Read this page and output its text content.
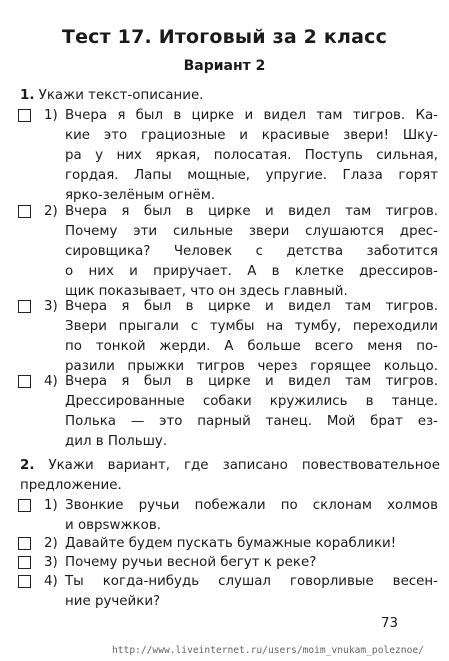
Тест 17. Итоговый за 2 класс
Вариант 2
1. Укажи текст-описание.
1) Вчера я был в цирке и видел там тигров. Ка-
кие это грациозные и красивые звери! Шку-
ра у них яркая, полосатая. Поступь сильная,
гордая. Лапы мощные, упругие. Глаза горят
ярко-зелёным огнём.
2) Вчера я был в цирке и видел там тигров.
Почему эти сильные звери слушаются дрес-
сировщика? Человек с детства заботится
о них и приручает. А в клетке дрессиров-
щик показывает, что он здесь главный.
3) Вчера я был в цирке и видел там тигров.
Звери прыгали с тумбы на тумбу, переходили
по тонкой жерди. А больше всего меня по-
разили прыжки тигров через горящее кольцо.
4) Вчера я был в цирке и видел там тигров.
Дрессированные собаки кружились в танце.
Полька — это парный танец. Мой брат ез-
дил в Польшу.
2. Укажи вариант, где записано повествовательное
предложение.
1) Звонкие ручьи побежали по склонам холмов
и оврswжков.
2) Давайте будем пускать бумажные кораблики!
3) Почему ручьи весной бегут к реке?
4) Ты когда-нибудь слушал говорливые весен-
ние ручейки?
73
http://www.liveinternet.ru/users/moim_vnukam_poleznoe/
